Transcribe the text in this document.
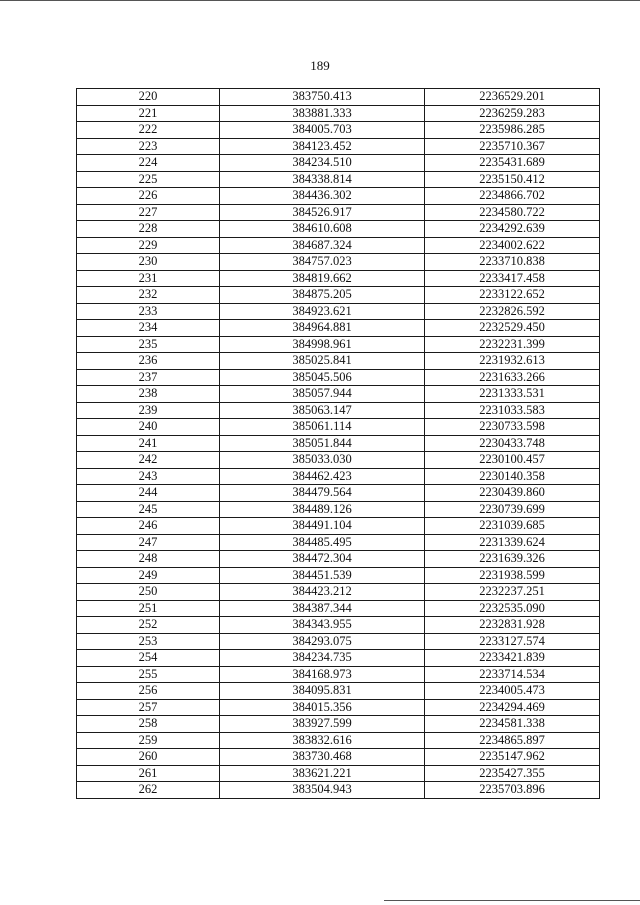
189
220	383750.413	2236529.201
221	383881.333	2236259.283
222	384005.703	2235986.285
223	384123.452	2235710.367
224	384234.510	2235431.689
225	384338.814	2235150.412
226	384436.302	2234866.702
227	384526.917	2234580.722
228	384610.608	2234292.639
229	384687.324	2234002.622
230	384757.023	2233710.838
231	384819.662	2233417.458
232	384875.205	2233122.652
233	384923.621	2232826.592
234	384964.881	2232529.450
235	384998.961	2232231.399
236	385025.841	2231932.613
237	385045.506	2231633.266
238	385057.944	2231333.531
239	385063.147	2231033.583
240	385061.114	2230733.598
241	385051.844	2230433.748
242	385033.030	2230100.457
243	384462.423	2230140.358
244	384479.564	2230439.860
245	384489.126	2230739.699
246	384491.104	2231039.685
247	384485.495	2231339.624
248	384472.304	2231639.326
249	384451.539	2231938.599
250	384423.212	2232237.251
251	384387.344	2232535.090
252	384343.955	2232831.928
253	384293.075	2233127.574
254	384234.735	2233421.839
255	384168.973	2233714.534
256	384095.831	2234005.473
257	384015.356	2234294.469
258	383927.599	2234581.338
259	383832.616	2234865.897
260	383730.468	2235147.962
261	383621.221	2235427.355
262	383504.943	2235703.896
